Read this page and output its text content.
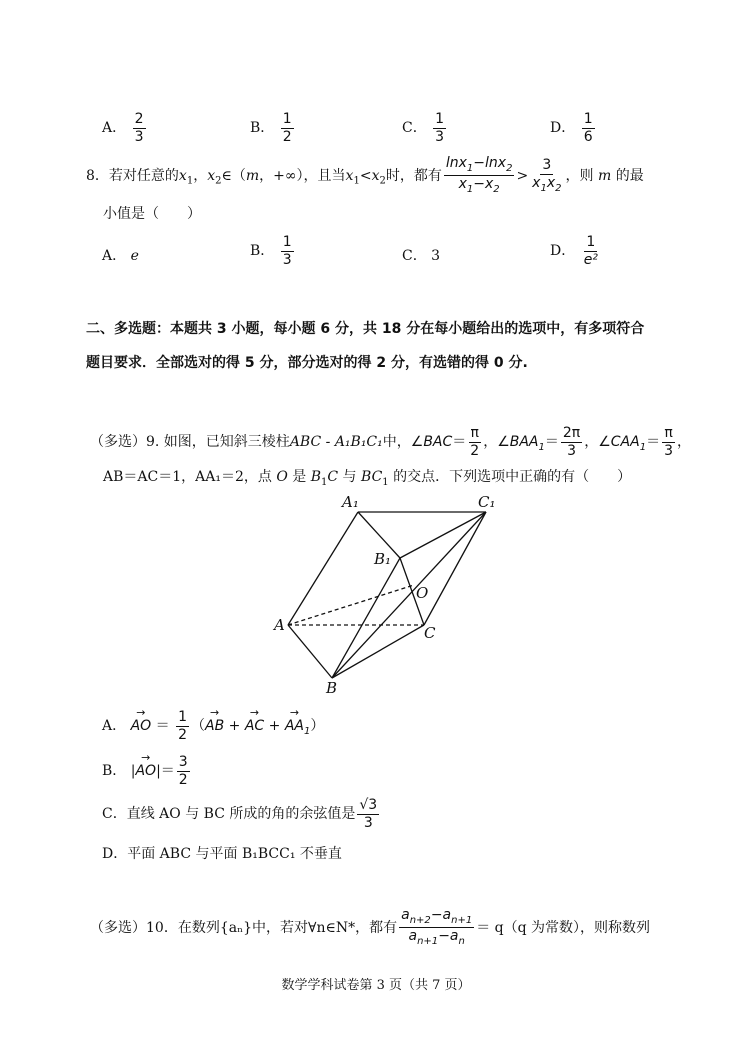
A． $\frac{2}{3}$	B． $\frac{1}{2}$	C． $\frac{1}{3}$	D． $\frac{1}{6}$
8．若对任意的$x_1$，$x_2\in(m$，+∞），且当$x_1<x_2$时，都有 $\frac{\ln x_1-\ln x_2}{x_1-x_2} > \frac{3}{x_1x_2}$ ，则 m 的最
小值是（　　）
A． e	B． $\frac{1}{3}$	C． 3	D． $\frac{1}{\text{e²}}$
二、多选题：本题共 3 小题，每小题 6 分，共 18 分在每小题给出的选项中，有多项符合
题目要求．全部选对的得 5 分，部分选对的得 2 分，有选错的得 0 分.
（多选）9. 如图，已知斜三棱柱ABC - A₁B₁C₁中，∠BAC＝ $\frac{\pi}{2}$ ，$\angle BAA_1= \frac{2\pi}{3}$ ，$\angle CAA_1= \frac{\pi}{3}$ ，
AB＝AC＝1，AA₁＝2，点 O 是 $B_1C$ 与 $BC_1$ 的交点．下列选项中正确的有（　　）
A₁	C₁
B₁
O
A	C
B
A． → AO ＝ $\frac{1}{2}$ （→ AB + → AC + → $AA_1$）
B． |→ $AO|= \frac{3}{2}$
C．直线 AO 与 BC 所成的角的余弦值是 $\frac{√3}{3}$
D．平面 ABC 与平面 B₁BCC₁ 不垂直
（多选）10．在数列{aₙ}中，若对∀n∈N*，都有 $\frac{a_{n+2}-a_{n+1}}{a_{n+1}-a_n} = q(q$ 为常数），则称数列
数学学科试卷第 3 页（共 7 页）
